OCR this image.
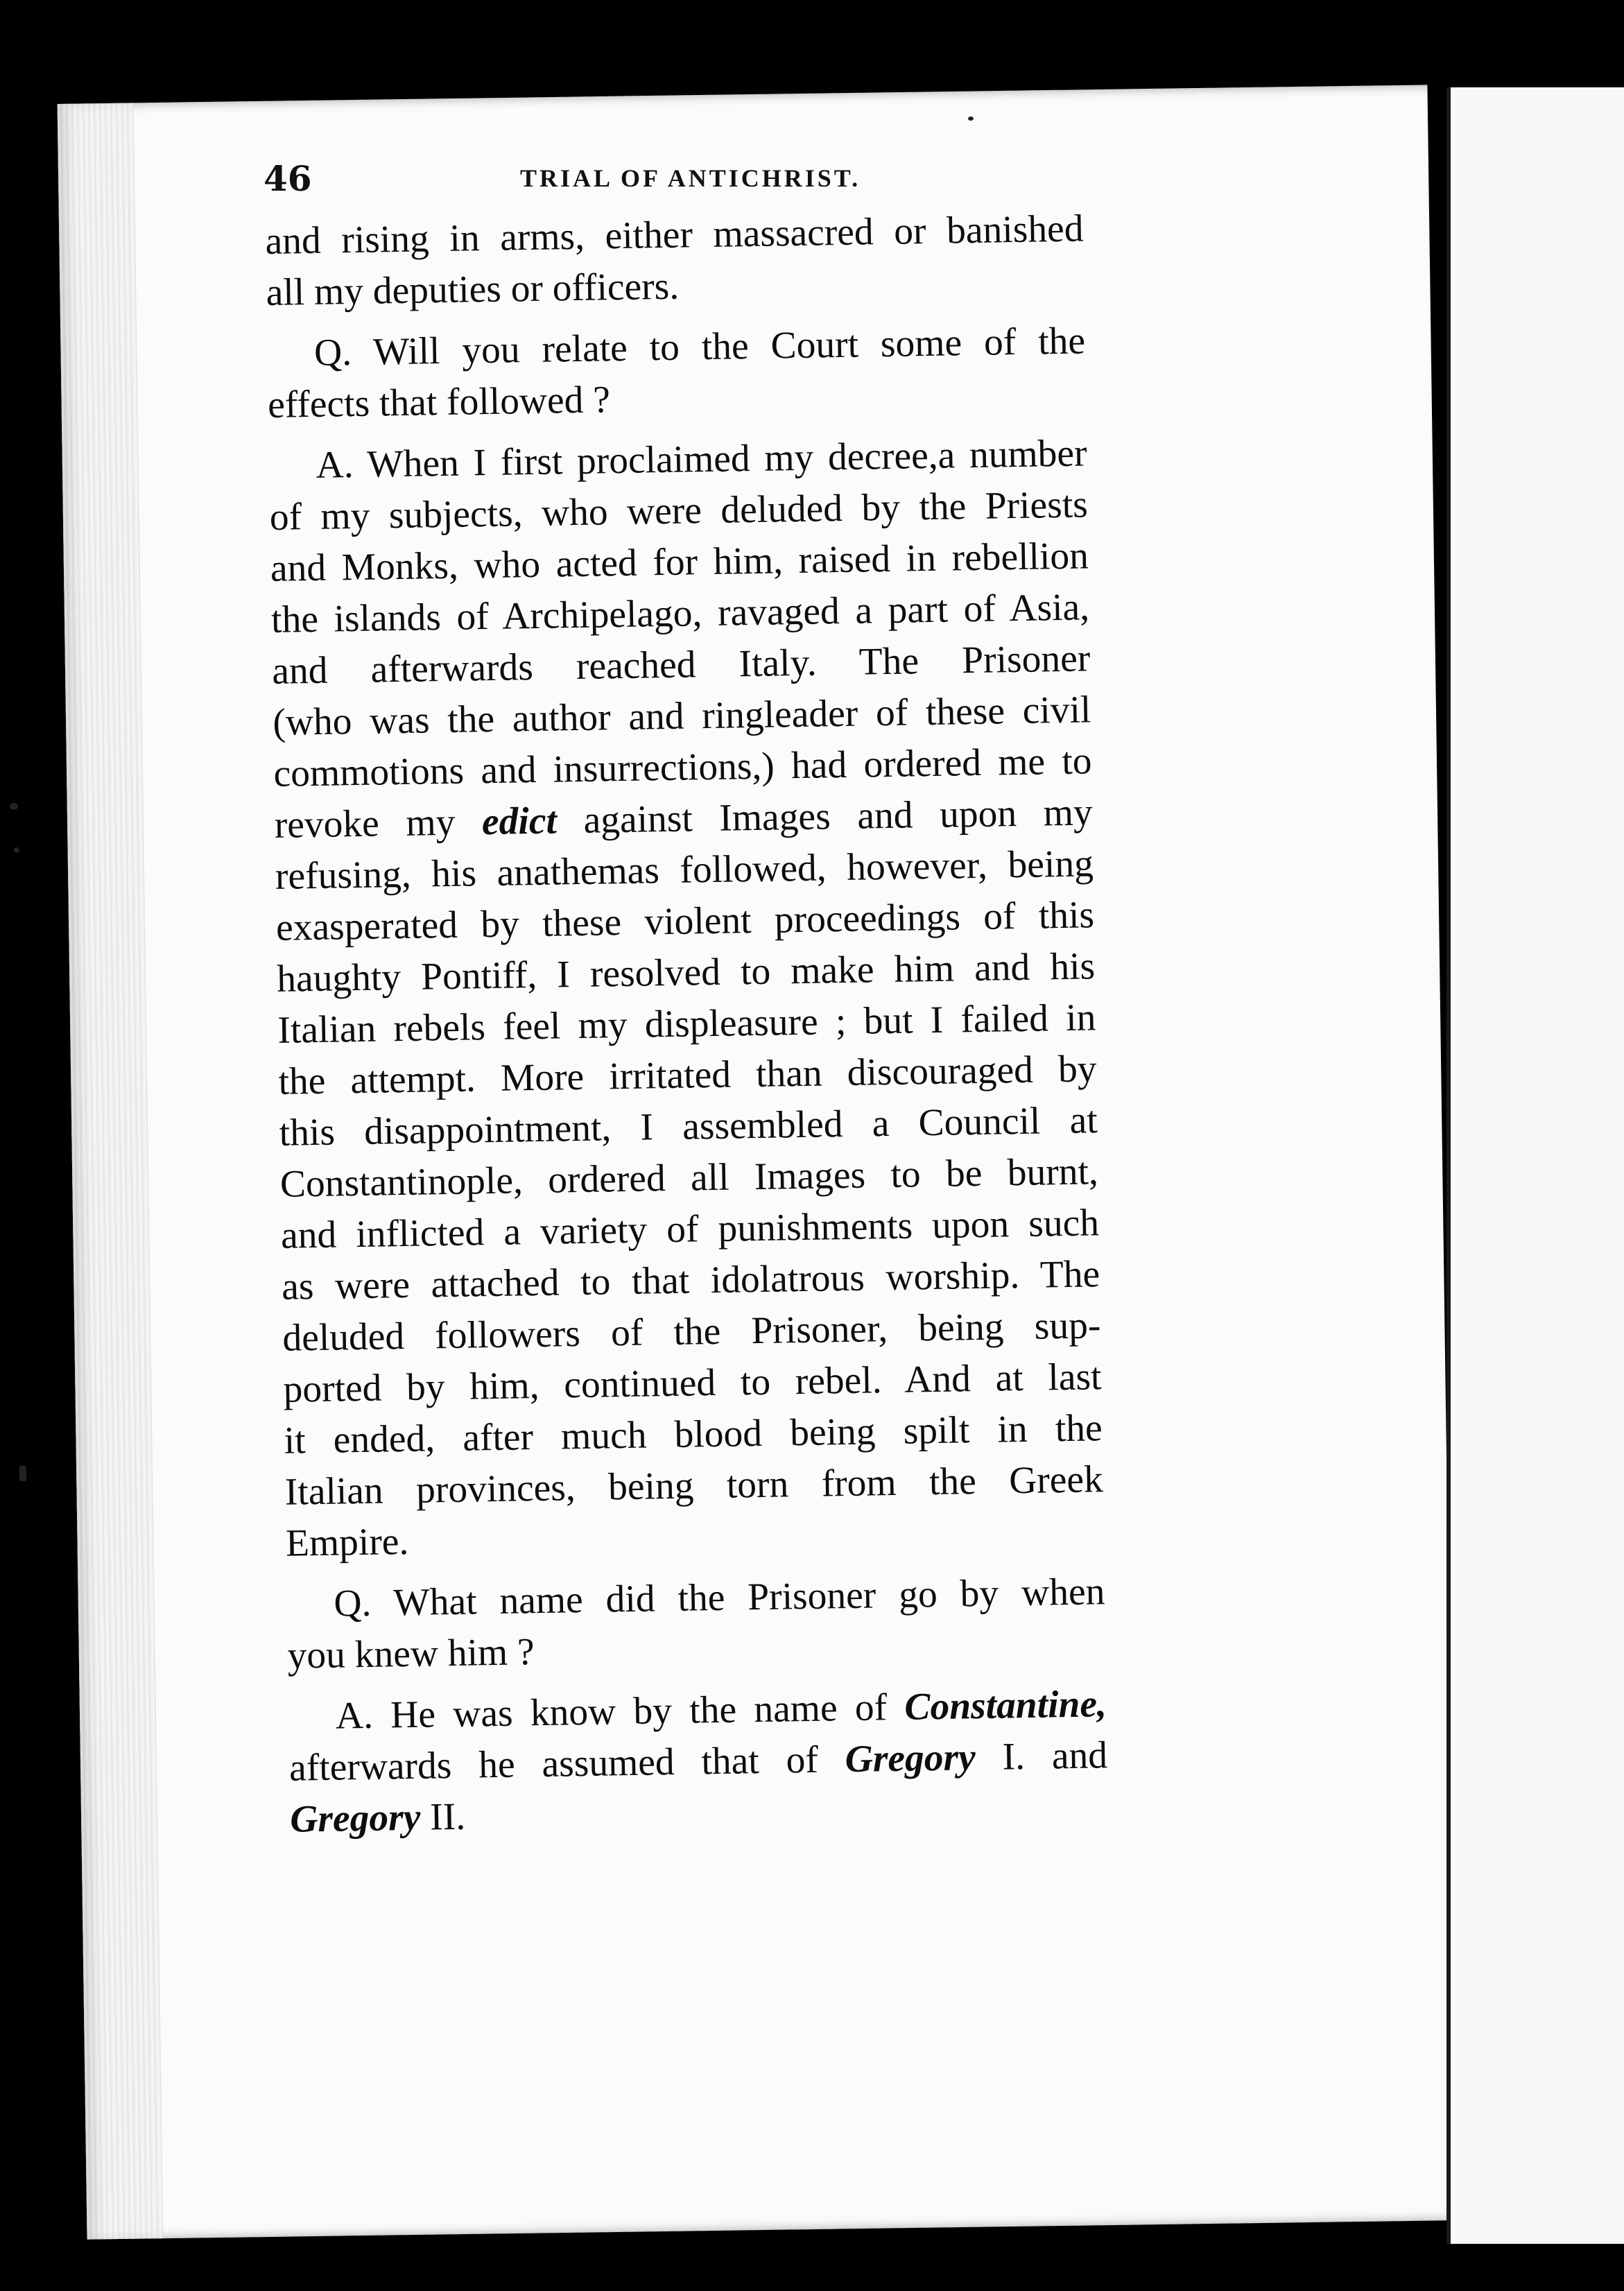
46	TRIAL OF ANTICHRIST.

and rising in arms, either massacred or banished
all my deputies or officers.

Q. Will you relate to the Court some of the
effects that followed ?

A. When I first proclaimed my decree,a number
of my subjects, who were deluded by the Priests
and Monks, who acted for him, raised in rebellion
the islands of Archipelago, ravaged a part of Asia,
and afterwards reached Italy. The Prisoner
(who was the author and ringleader of these civil
commotions and insurrections,) had ordered me to
revoke my edict against Images and upon my
refusing, his anathemas followed, however, being
exasperated by these violent proceedings of this
haughty Pontiff, I resolved to make him and his
Italian rebels feel my displeasure ; but I failed in
the attempt. More irritated than discouraged by
this disappointment, I assembled a Council at
Constantinople, ordered all Images to be burnt,
and inflicted a variety of punishments upon such
as were attached to that idolatrous worship. The
deluded followers of the Prisoner, being sup-
ported by him, continued to rebel. And at last
it ended, after much blood being spilt in the
Italian provinces, being torn from the Greek
Empire.

Q. What name did the Prisoner go by when
you knew him ?

A. He was know by the name of Constantine,
afterwards he assumed that of Gregory I. and
Gregory II.
